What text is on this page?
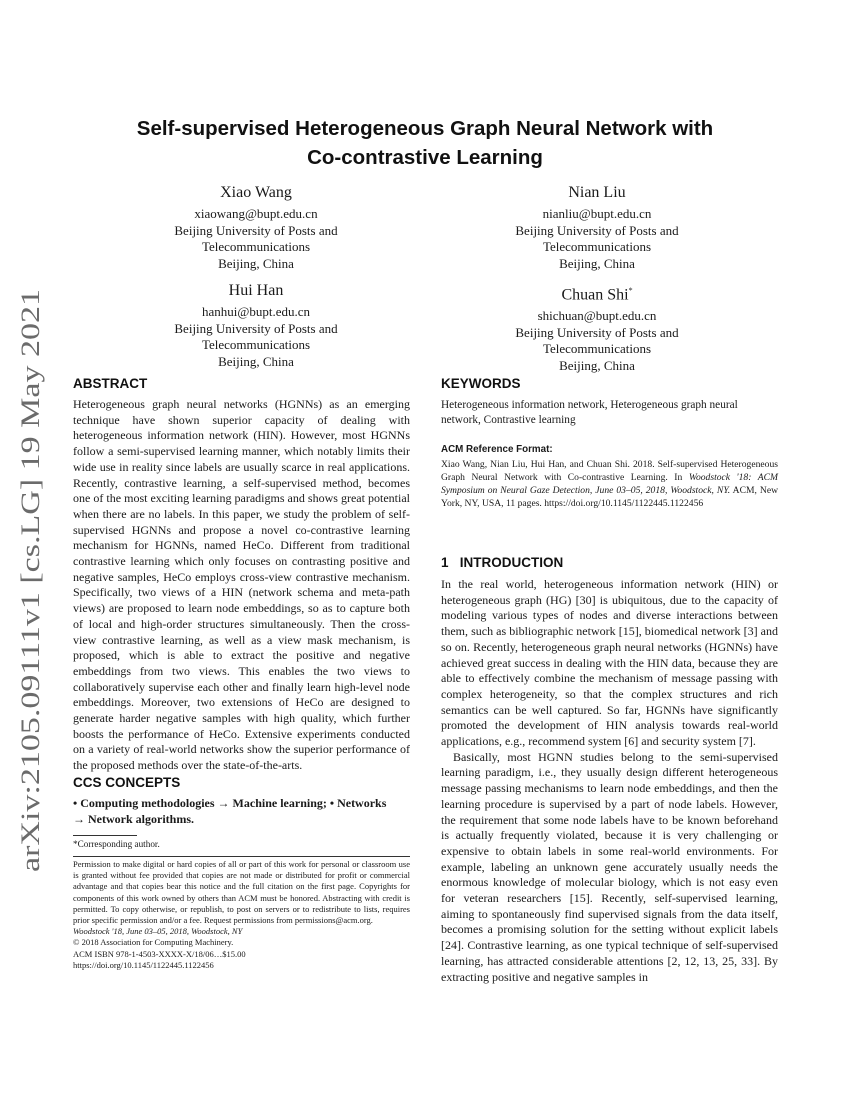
arXiv:2105.09111v1 [cs.LG] 19 May 2021
Self-supervised Heterogeneous Graph Neural Network with
Co-contrastive Learning
Xiao Wang
xiaowang@bupt.edu.cn
Beijing University of Posts and
Telecommunications
Beijing, China
Nian Liu
nianliu@bupt.edu.cn
Beijing University of Posts and
Telecommunications
Beijing, China
Hui Han
hanhui@bupt.edu.cn
Beijing University of Posts and
Telecommunications
Beijing, China
Chuan Shi*
shichuan@bupt.edu.cn
Beijing University of Posts and
Telecommunications
Beijing, China
ABSTRACT

Heterogeneous graph neural networks (HGNNs) as an emerging technique have shown superior capacity of dealing with heterogeneous information network (HIN). However, most HGNNs follow a semi-supervised learning manner, which notably limits their wide use in reality since labels are usually scarce in real applications. Recently, contrastive learning, a self-supervised method, becomes one of the most exciting learning paradigms and shows great potential when there are no labels. In this paper, we study the problem of self-supervised HGNNs and propose a novel co-contrastive learning mechanism for HGNNs, named HeCo. Different from traditional contrastive learning which only focuses on contrasting positive and negative samples, HeCo employs cross-view contrastive mechanism. Specifically, two views of a HIN (network schema and meta-path views) are proposed to learn node embeddings, so as to capture both of local and high-order structures simultaneously. Then the cross-view contrastive learning, as well as a view mask mechanism, is proposed, which is able to extract the positive and negative embeddings from two views. This enables the two views to collaboratively supervise each other and finally learn high-level node embeddings. Moreover, two extensions of HeCo are designed to generate harder negative samples with high quality, which further boosts the performance of HeCo. Extensive experiments conducted on a variety of real-world networks show the superior performance of the proposed methods over the state-of-the-arts.

CCS CONCEPTS

• Computing methodologies → Machine learning; • Networks

→ Network algorithms.

*Corresponding author.
Permission to make digital or hard copies of all or part of this work for personal or classroom use is granted without fee provided that copies are not made or distributed for profit or commercial advantage and that copies bear this notice and the full citation on the first page. Copyrights for components of this work owned by others than ACM must be honored. Abstracting with credit is permitted. To copy otherwise, or republish, to post on servers or to redistribute to lists, requires prior specific permission and/or a fee. Request permissions from permissions@acm.org.
Woodstock '18, June 03–05, 2018, Woodstock, NY
© 2018 Association for Computing Machinery.
ACM ISBN 978-1-4503-XXXX-X/18/06…$15.00
https://doi.org/10.1145/1122445.1122456
KEYWORDS

Heterogeneous information network, Heterogeneous graph neural network, Contrastive learning

ACM Reference Format:

Xiao Wang, Nian Liu, Hui Han, and Chuan Shi. 2018. Self-supervised Heterogeneous Graph Neural Network with Co-contrastive Learning. In Woodstock '18: ACM Symposium on Neural Gaze Detection, June 03–05, 2018, Woodstock, NY. ACM, New York, NY, USA, 11 pages. https://doi.org/10.1145/1122445.1122456

1   INTRODUCTION

In the real world, heterogeneous information network (HIN) or heterogeneous graph (HG) [30] is ubiquitous, due to the capacity of modeling various types of nodes and diverse interactions between them, such as bibliographic network [15], biomedical network [3] and so on. Recently, heterogeneous graph neural networks (HGNNs) have achieved great success in dealing with the HIN data, because they are able to effectively combine the mechanism of message passing with complex heterogeneity, so that the complex structures and rich semantics can be well captured. So far, HGNNs have significantly promoted the development of HIN analysis towards real-world applications, e.g., recommend system [6] and security system [7].

Basically, most HGNN studies belong to the semi-supervised learning paradigm, i.e., they usually design different heterogeneous message passing mechanisms to learn node embeddings, and then the learning procedure is supervised by a part of node labels. However, the requirement that some node labels have to be known beforehand is actually frequently violated, because it is very challenging or expensive to obtain labels in some real-world environments. For example, labeling an unknown gene accurately usually needs the enormous knowledge of molecular biology, which is not easy even for veteran researchers [15]. Recently, self-supervised learning, aiming to spontaneously find supervised signals from the data itself, becomes a promising solution for the setting without explicit labels [24]. Contrastive learning, as one typical technique of self-supervised learning, has attracted considerable attentions [2, 12, 13, 25, 33]. By extracting positive and negative samples in
